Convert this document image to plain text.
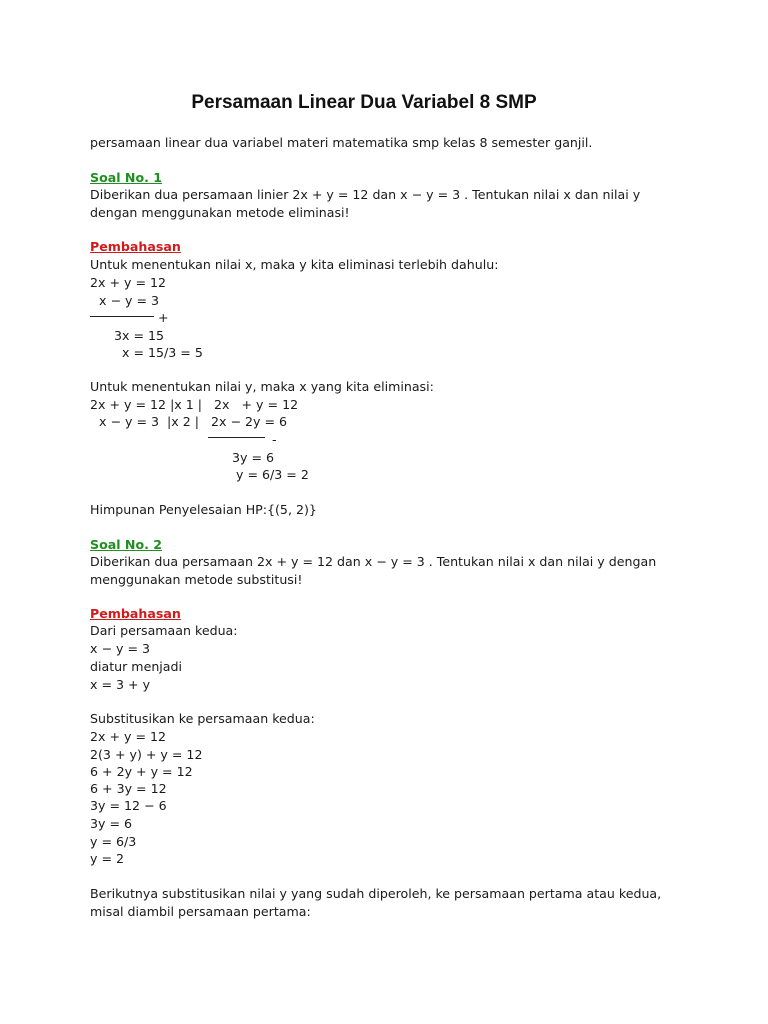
Persamaan Linear Dua Variabel 8 SMP
persamaan linear dua variabel materi matematika smp kelas 8 semester ganjil.
Soal No. 1
Diberikan dua persamaan linier 2x + y = 12 dan x − y = 3 . Tentukan nilai x dan nilai y
dengan menggunakan metode eliminasi!
Pembahasan
Untuk menentukan nilai x, maka y kita eliminasi terlebih dahulu:
2x + y = 12
x − y = 3
+
3x = 15
x = 15/3 = 5
Untuk menentukan nilai y, maka x yang kita eliminasi:
2x + y = 12 |x 1 |   2x   + y = 12
x − y = 3  |x 2 |   2x − 2y = 6
-
3y = 6
y = 6/3 = 2
Himpunan Penyelesaian HP:{(5, 2)}
Soal No. 2
Diberikan dua persamaan 2x + y = 12 dan x − y = 3 . Tentukan nilai x dan nilai y dengan
menggunakan metode substitusi!
Pembahasan
Dari persamaan kedua:
x − y = 3
diatur menjadi
x = 3 + y
Substitusikan ke persamaan kedua:
2x + y = 12
2(3 + y) + y = 12
6 + 2y + y = 12
6 + 3y = 12
3y = 12 − 6
3y = 6
y = 6/3
y = 2
Berikutnya substitusikan nilai y yang sudah diperoleh, ke persamaan pertama atau kedua,
misal diambil persamaan pertama:
